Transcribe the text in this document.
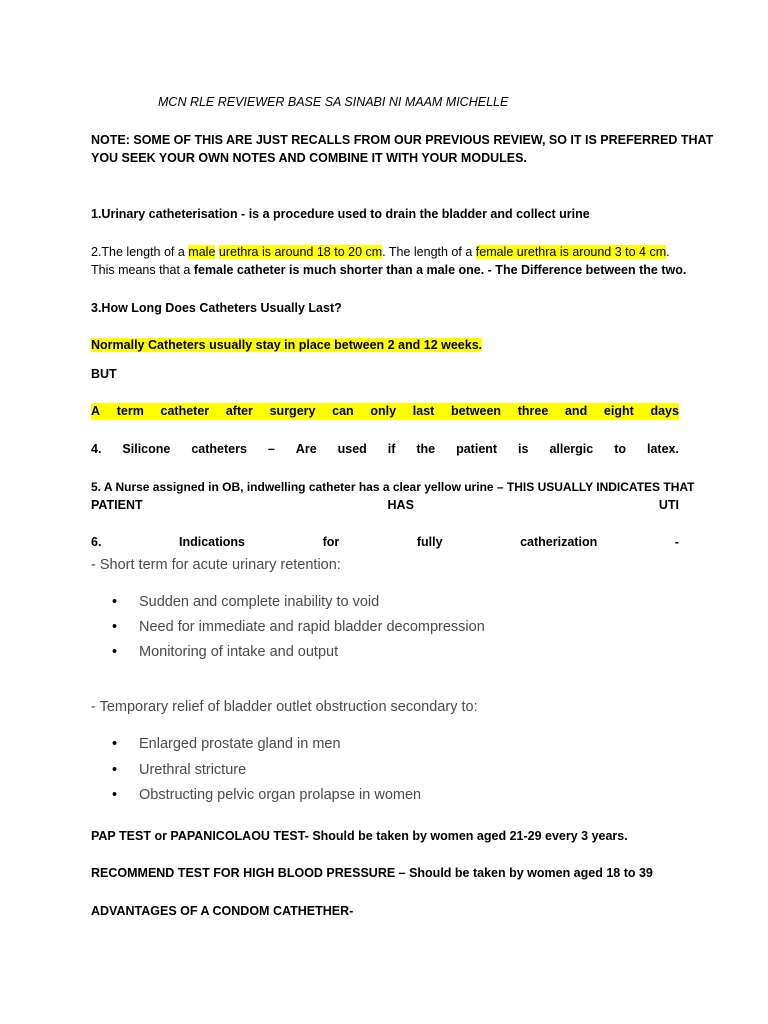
MCN RLE REVIEWER BASE SA SINABI NI MAAM MICHELLE
NOTE: SOME OF THIS ARE JUST RECALLS FROM OUR PREVIOUS REVIEW, SO IT IS PREFERRED THAT
YOU SEEK YOUR OWN NOTES AND COMBINE IT WITH YOUR MODULES.
1.Urinary catheterisation - is a procedure used to drain the bladder and collect urine
2.The length of a male urethra is around 18 to 20 cm. The length of a female urethra is around 3 to 4 cm.
This means that a female catheter is much shorter than a male one. - The Difference between the two.
3.How Long Does Catheters Usually Last?
Normally Catheters usually stay in place between 2 and 12 weeks.
BUT
A term catheter after surgery can only last between three and eight days
4. Silicone catheters – Are used if the patient is allergic to latex.
5. A Nurse assigned in OB, indwelling catheter has a clear yellow urine – THIS USUALLY INDICATES THAT
PATIENT	HAS	UTI
6.	Indications	for	fully	catherization	-
- Short term for acute urinary retention:
• Sudden and complete inability to void
• Need for immediate and rapid bladder decompression
• Monitoring of intake and output
- Temporary relief of bladder outlet obstruction secondary to:
• Enlarged prostate gland in men
• Urethral stricture
• Obstructing pelvic organ prolapse in women
PAP TEST or PAPANICOLAOU TEST- Should be taken by women aged 21-29 every 3 years.
RECOMMEND TEST FOR HIGH BLOOD PRESSURE – Should be taken by women aged 18 to 39
ADVANTAGES OF A CONDOM CATHETHER-
